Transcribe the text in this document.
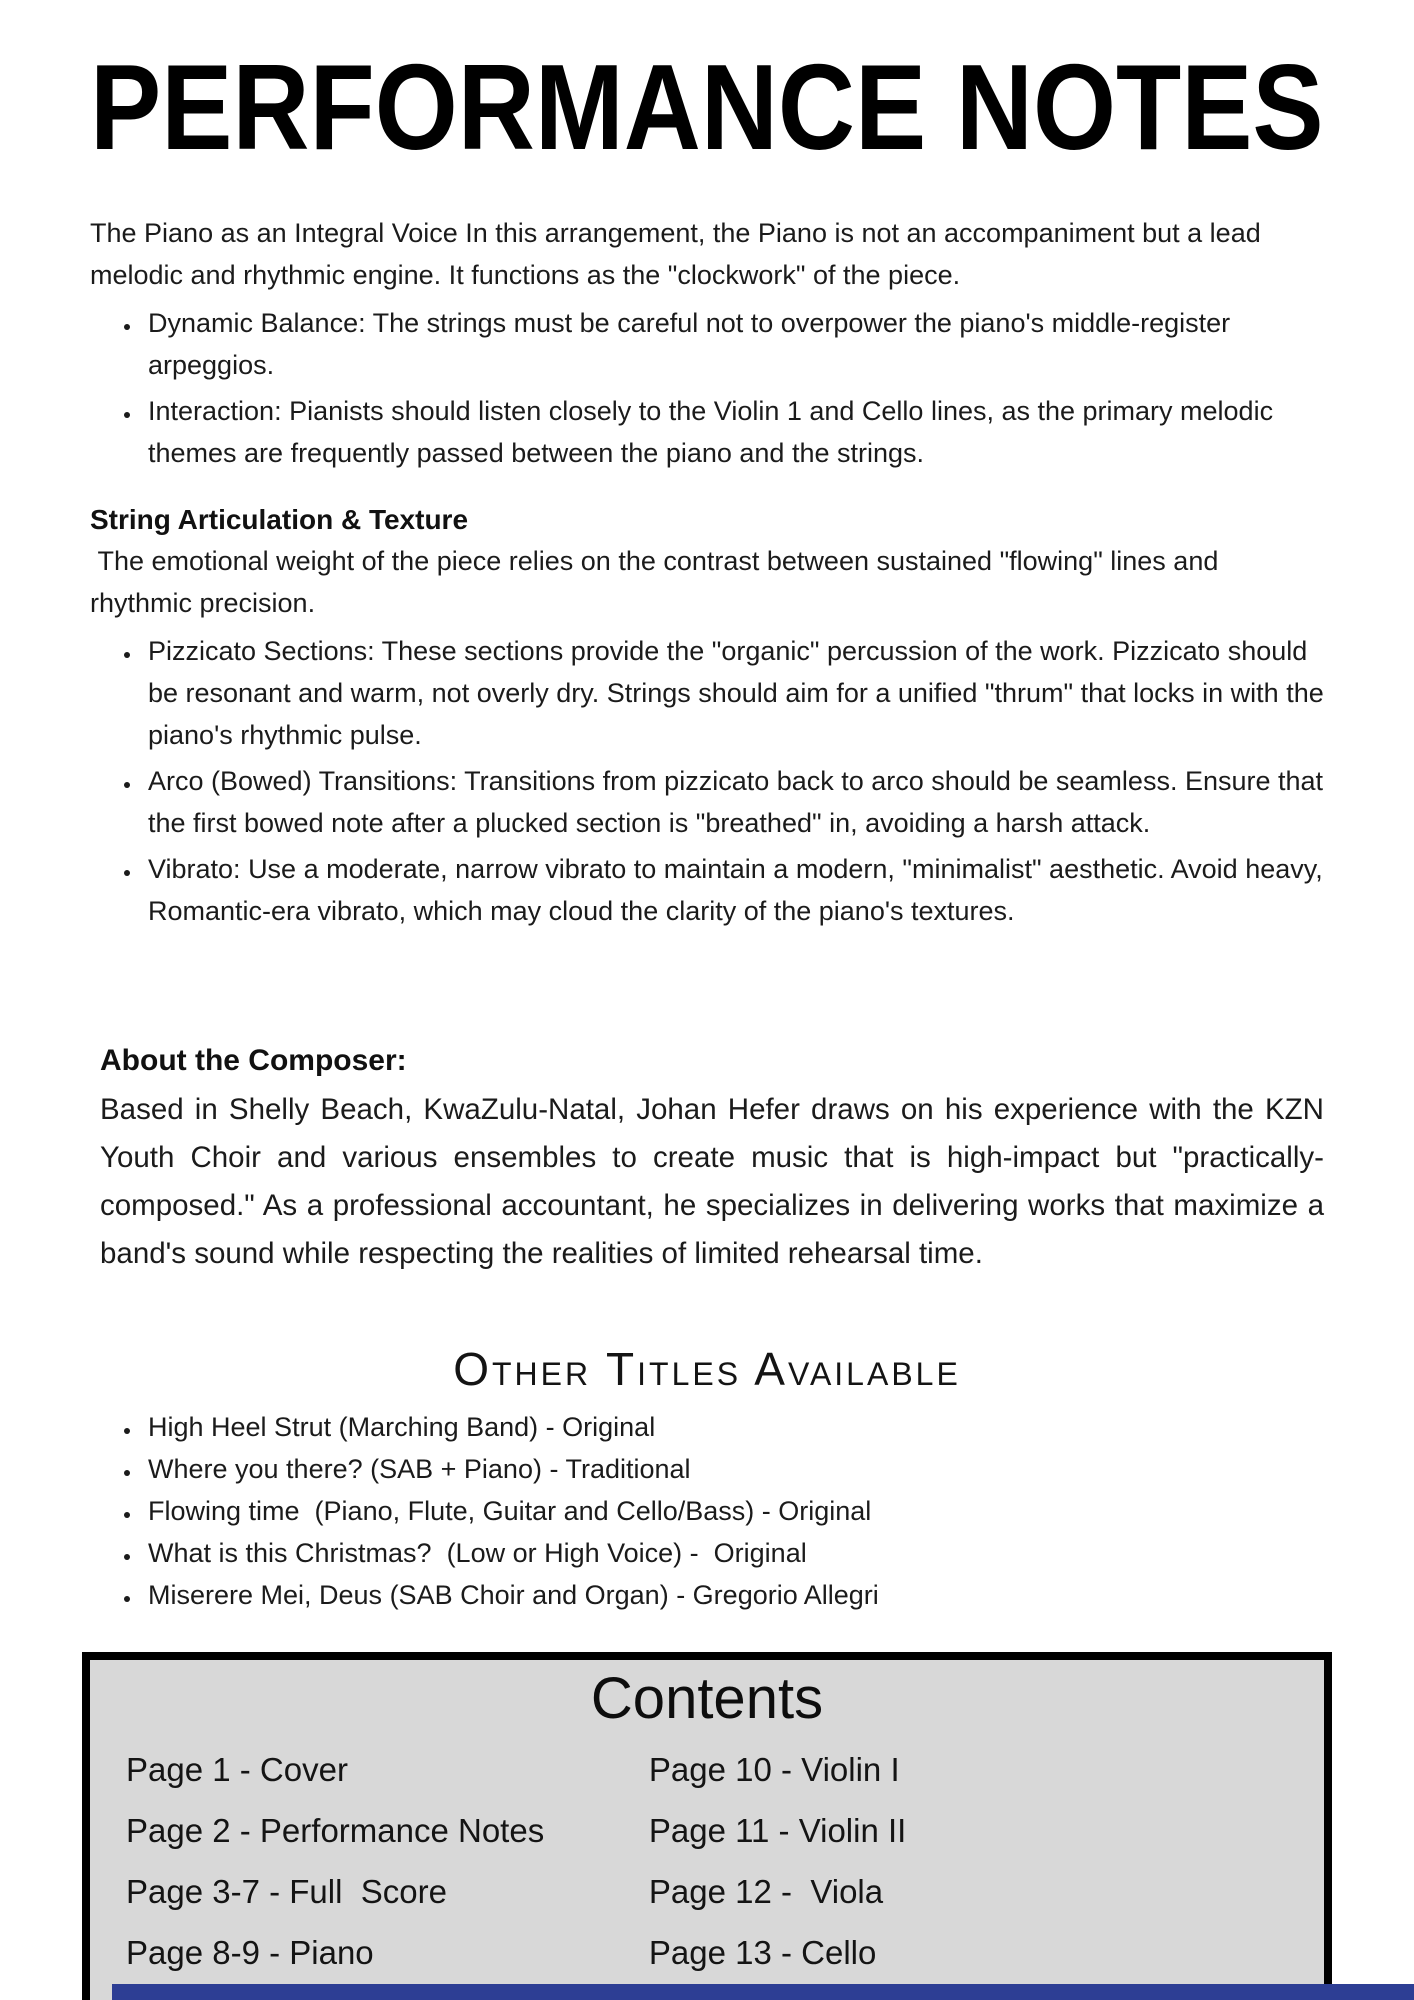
PERFORMANCE NOTES

The Piano as an Integral Voice In this arrangement, the Piano is not an accompaniment but a lead melodic and rhythmic engine. It functions as the "clockwork" of the piece.

• Dynamic Balance: The strings must be careful not to overpower the piano's middle-register arpeggios.
• Interaction: Pianists should listen closely to the Violin 1 and Cello lines, as the primary melodic themes are frequently passed between the piano and the strings.
String Articulation & Texture

The emotional weight of the piece relies on the contrast between sustained "flowing" lines and rhythmic precision.

• Pizzicato Sections: These sections provide the "organic" percussion of the work. Pizzicato should be resonant and warm, not overly dry. Strings should aim for a unified "thrum" that locks in with the piano's rhythmic pulse.
• Arco (Bowed) Transitions: Transitions from pizzicato back to arco should be seamless. Ensure that the first bowed note after a plucked section is "breathed" in, avoiding a harsh attack.
• Vibrato: Use a moderate, narrow vibrato to maintain a modern, "minimalist" aesthetic. Avoid heavy, Romantic-era vibrato, which may cloud the clarity of the piano's textures.
About the Composer:

Based in Shelly Beach, KwaZulu-Natal, Johan Hefer draws on his experience with the KZN Youth Choir and various ensembles to create music that is high-impact but "practically-composed." As a professional accountant, he specializes in delivering works that maximize a band's sound while respecting the realities of limited rehearsal time.

Other Titles Available
• High Heel Strut (Marching Band) - Original
• Where you there? (SAB + Piano) - Traditional
• Flowing time  (Piano, Flute, Guitar and Cello/Bass) - Original
• What is this Christmas?  (Low or High Voice) -  Original
• Miserere Mei, Deus (SAB Choir and Organ) - Gregorio Allegri
Contents
Page 1 - Cover
Page 2 - Performance Notes
Page 3-7 - Full  Score
Page 8-9 - Piano
Page 10 - Violin I
Page 11 - Violin II
Page 12 -  Viola
Page 13 - Cello
